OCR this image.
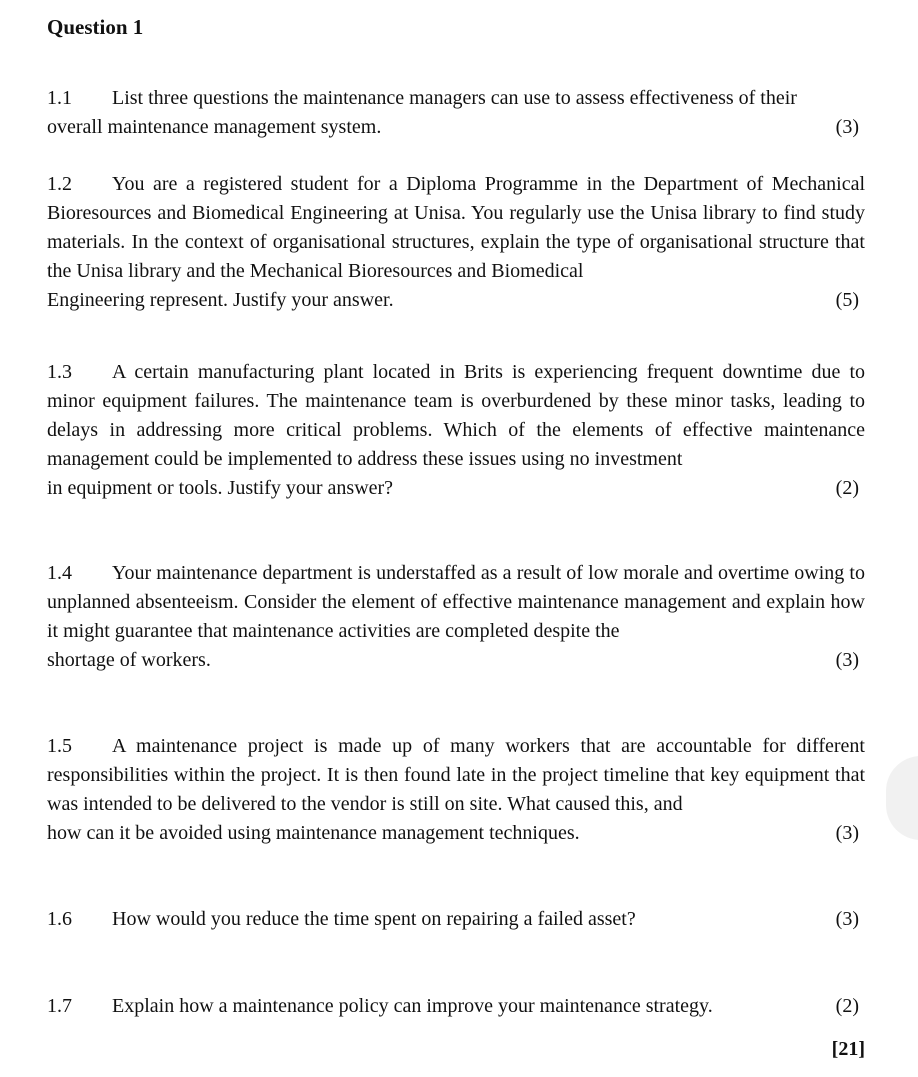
Question 1
1.1 List three questions the maintenance managers can use to assess effectiveness of their
overall maintenance management system.	(3)
1.2 You are a registered student for a Diploma Programme in the Department of Mechanical Bioresources and Biomedical Engineering at Unisa. You regularly use the Unisa library to find study materials. In the context of organisational structures, explain the type of organisational structure that the Unisa library and the Mechanical Bioresources and Biomedical
Engineering represent. Justify your answer.	(5)
1.3 A certain manufacturing plant located in Brits is experiencing frequent downtime due to minor equipment failures. The maintenance team is overburdened by these minor tasks, leading to delays in addressing more critical problems. Which of the elements of effective maintenance management could be implemented to address these issues using no investment
in equipment or tools. Justify your answer?	(2)
1.4 Your maintenance department is understaffed as a result of low morale and overtime owing to unplanned absenteeism. Consider the element of effective maintenance management and explain how it might guarantee that maintenance activities are completed despite the
shortage of workers.	(3)
1.5 A maintenance project is made up of many workers that are accountable for different responsibilities within the project. It is then found late in the project timeline that key equipment that was intended to be delivered to the vendor is still on site. What caused this, and
how can it be avoided using maintenance management techniques.	(3)
1.6 How would you reduce the time spent on repairing a failed asset?	(3)
1.7 Explain how a maintenance policy can improve your maintenance strategy.	(2)
[21]
